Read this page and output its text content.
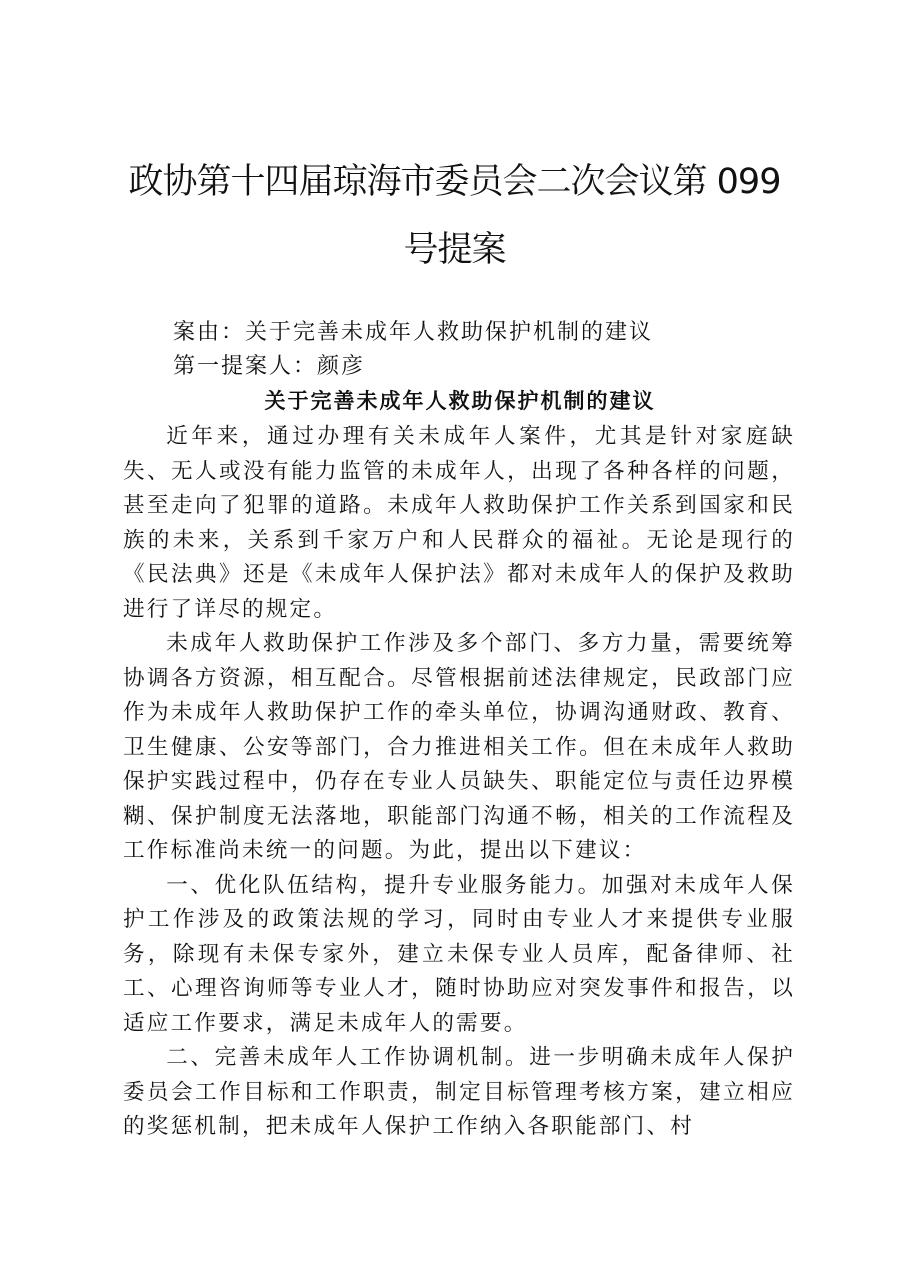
政协第十四届琼海市委员会二次会议第 099
号提案

案由：关于完善未成年人救助保护机制的建议

第一提案人：颜彦

关于完善未成年人救助保护机制的建议

近年来，通过办理有关未成年人案件，尤其是针对家庭缺失、无人或没有能力监管的未成年人，出现了各种各样的问题，甚至走向了犯罪的道路。未成年人救助保护工作关系到国家和民族的未来，关系到千家万户和人民群众的福祉。无论是现行的《民法典》还是《未成年人保护法》都对未成年人的保护及救助进行了详尽的规定。

未成年人救助保护工作涉及多个部门、多方力量，需要统筹协调各方资源，相互配合。尽管根据前述法律规定，民政部门应作为未成年人救助保护工作的牵头单位，协调沟通财政、教育、卫生健康、公安等部门，合力推进相关工作。但在未成年人救助保护实践过程中，仍存在专业人员缺失、职能定位与责任边界模糊、保护制度无法落地，职能部门沟通不畅，相关的工作流程及工作标准尚未统一的问题。为此，提出以下建议：

一、优化队伍结构，提升专业服务能力。加强对未成年人保护工作涉及的政策法规的学习，同时由专业人才来提供专业服务，除现有未保专家外，建立未保专业人员库，配备律师、社工、心理咨询师等专业人才，随时协助应对突发事件和报告，以适应工作要求，满足未成年人的需要。

二、完善未成年人工作协调机制。进一步明确未成年人保护委员会工作目标和工作职责，制定目标管理考核方案，建立相应的奖惩机制，把未成年人保护工作纳入各职能部门、村
